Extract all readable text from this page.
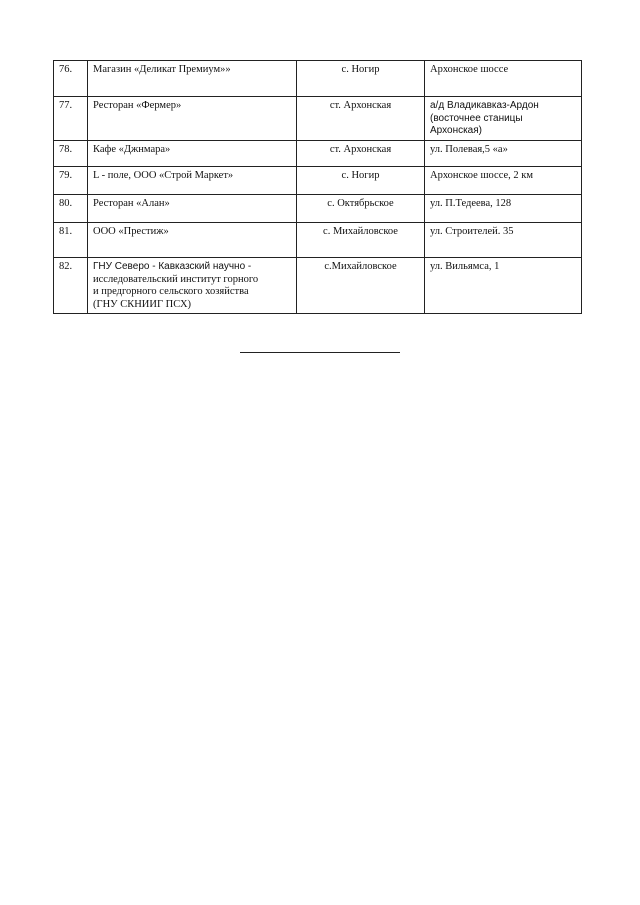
76.	Магазин «Деликат Премиум»»	с. Ногир	Архонское шоссе

77.	Ресторан «Фермер»	ст. Архонская	а/д Владикавказ-Ардон
(восточнее станицы
Архонская)

78.	Кафе «Джнмара»	ст. Архонская	ул. Полевая,5 «а»

79.	L - поле, ООО «Строй Маркет»	с. Ногир	Архонское шоссе, 2 км

80.	Ресторан «Алан»	с. Октябрьское	ул. П.Тедеева, 128

81.	ООО «Престиж»	с. Михайловское	ул. Строителей. 35

82.	ГНУ Северо - Кавказский научно -
исследовательский институт горного
и предгорного сельского хозяйства
(ГНУ СКНИИГ ПСХ)	с.Михайловское	ул. Вильямса, 1
